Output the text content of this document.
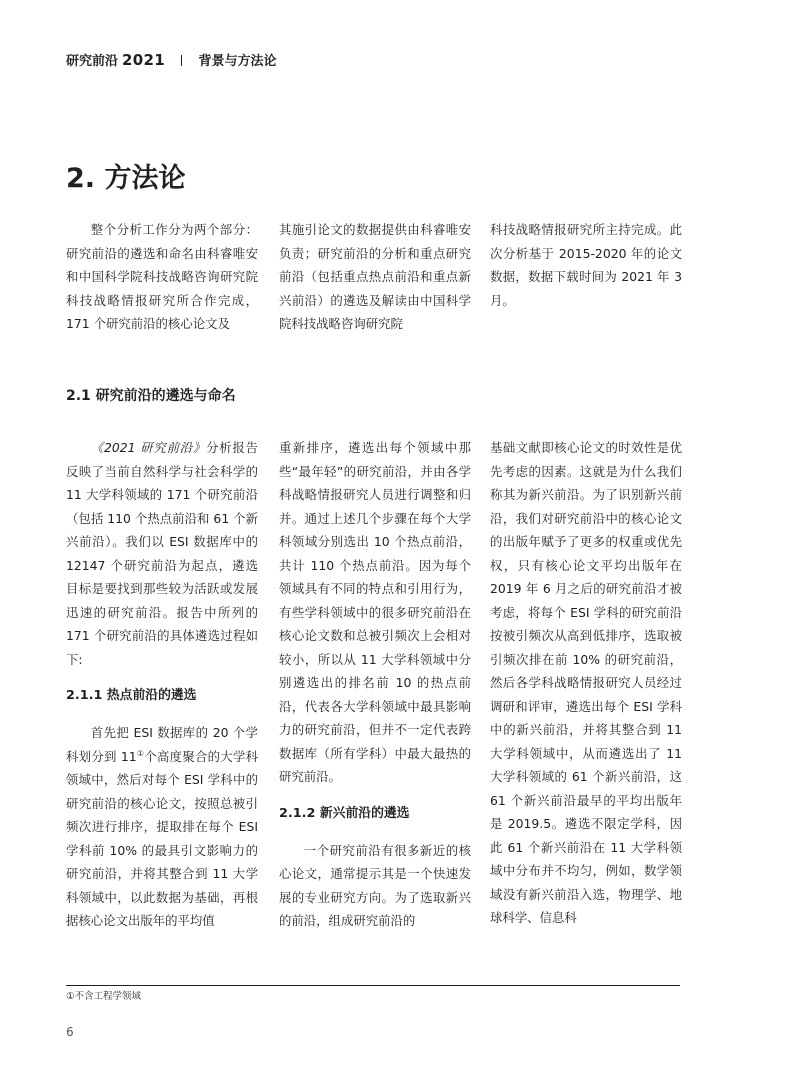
研究前沿 2021	背景与方法论
2. 方法论

整个分析工作分为两个部分：研究前沿的遴选和命名由科睿唯安和中国科学院科技战略咨询研究院科技战略情报研究所合作完成，171 个研究前沿的核心论文及

其施引论文的数据提供由科睿唯安负责；研究前沿的分析和重点研究前沿（包括重点热点前沿和重点新兴前沿）的遴选及解读由中国科学院科技战略咨询研究院

科技战略情报研究所主持完成。此次分析基于 2015-2020 年的论文数据，数据下载时间为 2021 年 3 月。

2.1 研究前沿的遴选与命名

《2021 研究前沿》分析报告反映了当前自然科学与社会科学的 11 大学科领域的 171 个研究前沿（包括 110 个热点前沿和 61 个新兴前沿）。我们以 ESI 数据库中的 12147 个研究前沿为起点，遴选目标是要找到那些较为活跃或发展迅速的研究前沿。报告中所列的 171 个研究前沿的具体遴选过程如下:

2.1.1 热点前沿的遴选

首先把 ESI 数据库的 20 个学科划分到 11①个高度聚合的大学科领域中，然后对每个 ESI 学科中的研究前沿的核心论文，按照总被引频次进行排序，提取排在每个 ESI 学科前 10% 的最具引文影响力的研究前沿，并将其整合到 11 大学科领域中，以此数据为基础，再根据核心论文出版年的平均值

重新排序，遴选出每个领域中那些“最年轻”的研究前沿，并由各学科战略情报研究人员进行调整和归并。通过上述几个步骤在每个大学科领域分别选出 10 个热点前沿，共计 110 个热点前沿。因为每个领域具有不同的特点和引用行为，有些学科领域中的很多研究前沿在核心论文数和总被引频次上会相对较小，所以从 11 大学科领域中分别遴选出的排名前 10 的热点前沿，代表各大学科领域中最具影响力的研究前沿，但并不一定代表跨数据库（所有学科）中最大最热的研究前沿。

2.1.2 新兴前沿的遴选

一个研究前沿有很多新近的核心论文，通常提示其是一个快速发展的专业研究方向。为了选取新兴的前沿，组成研究前沿的

基础文献即核心论文的时效性是优先考虑的因素。这就是为什么我们称其为新兴前沿。为了识别新兴前沿，我们对研究前沿中的核心论文的出版年赋予了更多的权重或优先权，只有核心论文平均出版年在 2019 年 6 月之后的研究前沿才被考虑，将每个 ESI 学科的研究前沿按被引频次从高到低排序，选取被引频次排在前 10% 的研究前沿，然后各学科战略情报研究人员经过调研和评审，遴选出每个 ESI 学科中的新兴前沿，并将其整合到 11 大学科领域中，从而遴选出了 11 大学科领域的 61 个新兴前沿，这 61 个新兴前沿最早的平均出版年是 2019.5。遴选不限定学科，因此 61 个新兴前沿在 11 大学科领域中分布并不均匀，例如，数学领域没有新兴前沿入选，物理学、地球科学、信息科

①不含工程学领域
6
